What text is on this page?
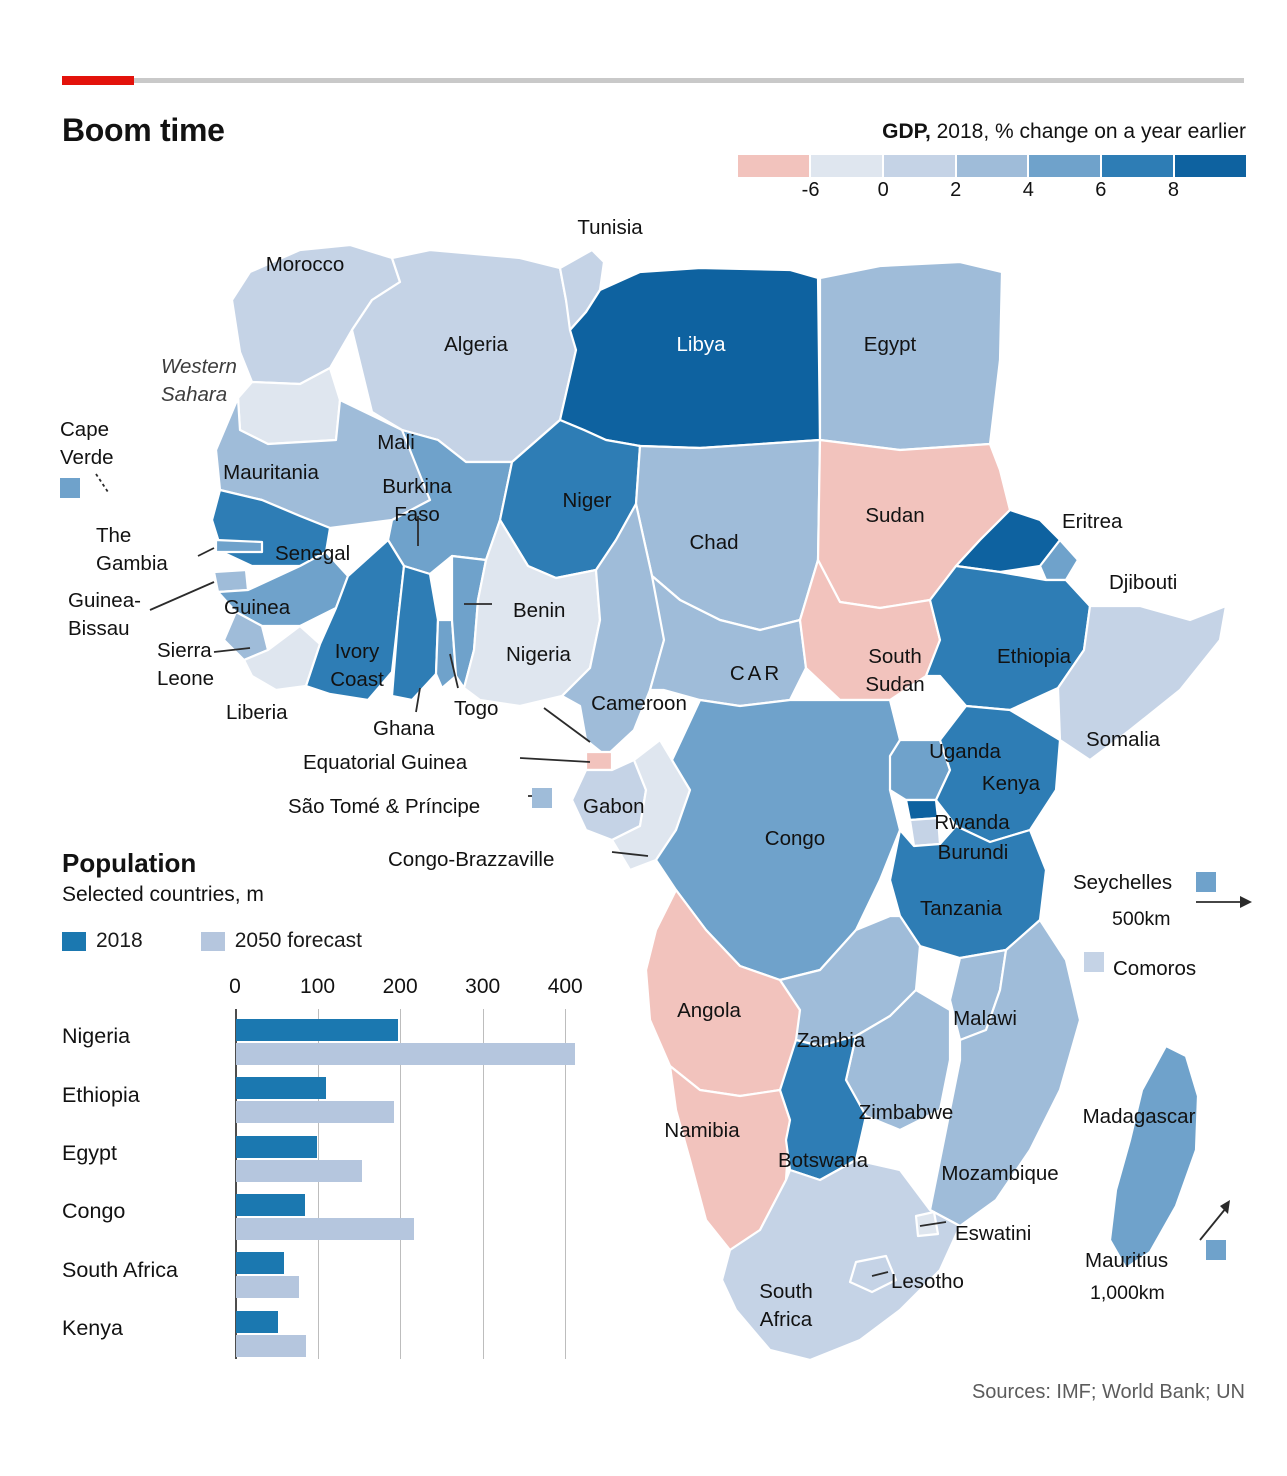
Boom time	GDP, 2018, % change on a year earlier
-6	0	2	4	6	8
500km
1,000km
Tunisia
Morocco
Algeria	Libya	Egypt
Western
Sahara
Cape
Verde
Mali
Mauritania
Burkina
Faso
Niger
Chad
Sudan	Eritrea
The
Gambia	Senegal
Djibouti
Guinea-
Bissau
Guinea	Benin
Nigeria	South
Sudan
Ethiopia
Sierra
Leone
Ivory
Coast	CAR
Liberia	Togo	Cameroon
Ghana	Somalia
Uganda
Equatorial Guinea
Kenya
São Tomé & Príncipe	Gabon
Rwanda
Congo
Burundi
Congo-Brazzaville
Seychelles
Tanzania
Comoros
Angola	Malawi
Zambia
Zimbabwe	Madagascar
Namibia
Botswana
Mozambique
Eswatini
Lesotho
South
Africa
Mauritius
Population
Selected countries, m
2018	2050 forecast
0	100 200 300 400
Nigeria
Ethiopia
Egypt
Congo
South Africa
Kenya
Sources: IMF; World Bank; UN
